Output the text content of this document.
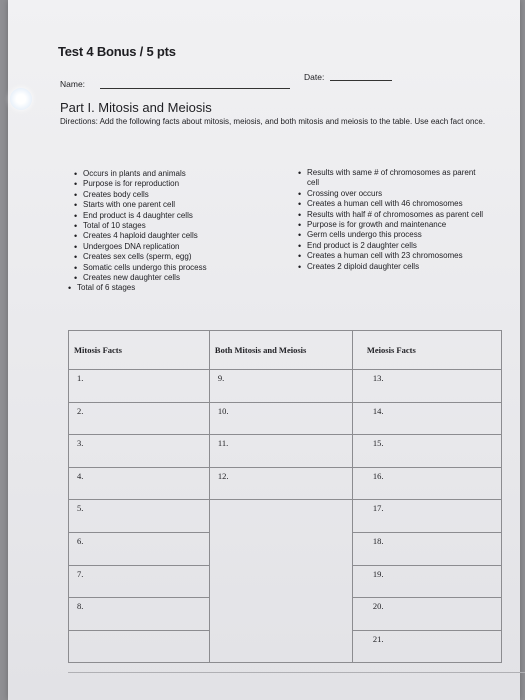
Test 4 Bonus / 5 pts
Name:
Date:
Part I. Mitosis and Meiosis
Directions: Add the following facts about mitosis, meiosis, and both mitosis and meiosis to the table. Use each fact once.
• Occurs in plants and animals
• Purpose is for reproduction
• Creates body cells
• Starts with one parent cell
• End product is 4 daughter cells
• Total of 10 stages
• Creates 4 haploid daughter cells
• Undergoes DNA replication
• Creates sex cells (sperm, egg)
• Somatic cells undergo this process
• Creates new daughter cells
• Total of 6 stages
• Results with same # of chromosomes as parent cell
• Crossing over occurs
• Creates a human cell with 46 chromosomes
• Results with half # of chromosomes as parent cell
• Purpose is for growth and maintenance
• Germ cells undergo this process
• End product is 2 daughter cells
• Creates a human cell with 23 chromosomes
• Creates 2 diploid daughter cells
Mitosis Facts	Both Mitosis and Meiosis	Meiosis Facts
1.	9.	13.
2.	10.	14.
3.	11.	15.
4.	12.	16.
5.		17.
6.		18.
7.		19.
8.		20.
		21.
